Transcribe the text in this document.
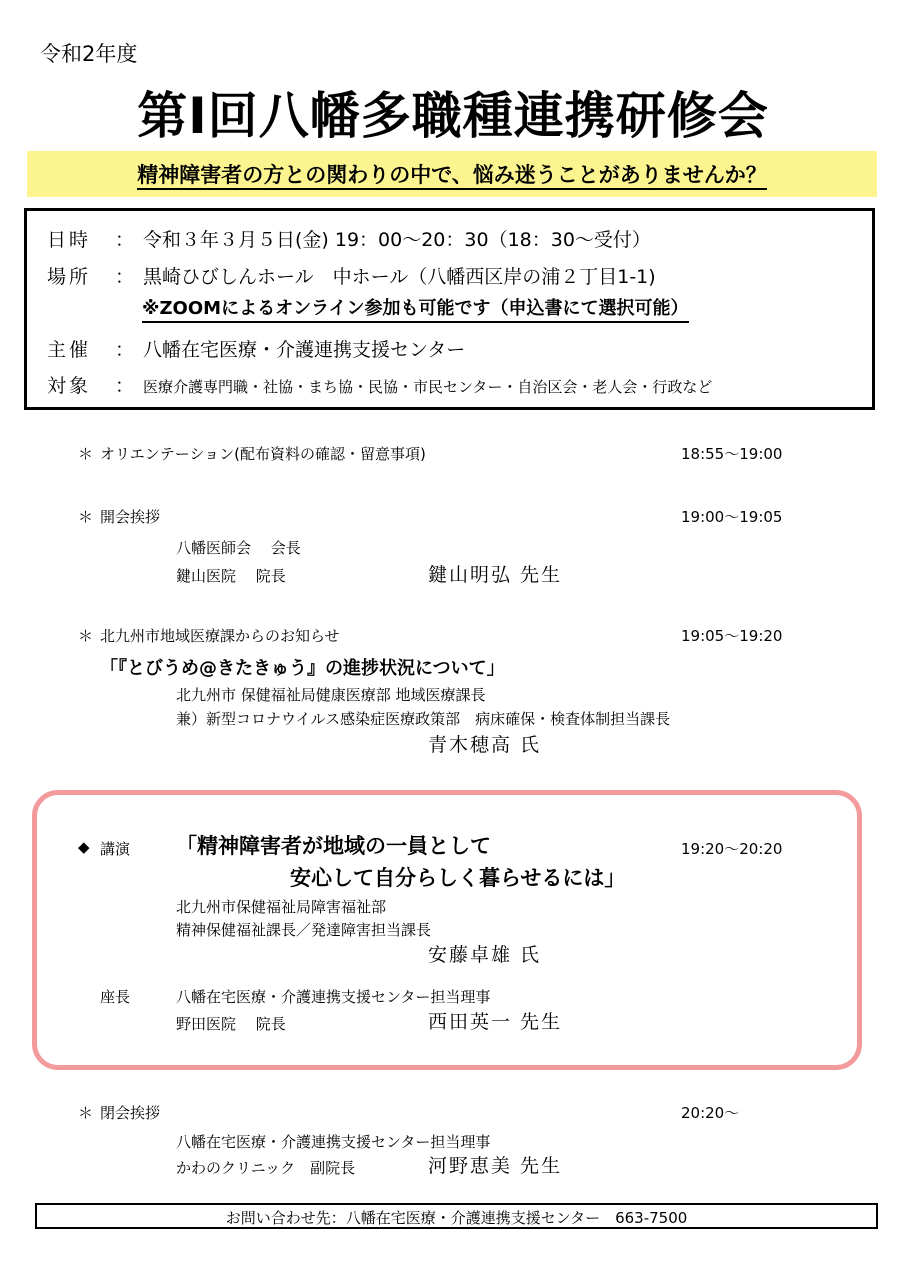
令和2年度
第Ⅰ回八幡多職種連携研修会
精神障害者の方との関わりの中で、悩み迷うことがありませんか？
日時 ： 令和３年３月５日(金) 19：00～20：30（18：30～受付）
場所 ： 黒崎ひびしんホール　中ホール（八幡西区岸の浦２丁目1-1)
※ZOOMによるオンライン参加も可能です（申込書にて選択可能）
主催 ： 八幡在宅医療・介護連携支援センター
対象 ： 医療介護専門職・社協・まち協・民協・市民センター・自治区会・老人会・行政など
＊ オリエンテーション(配布資料の確認・留意事項)	18:55～19:00
＊ 開会挨拶	19:00～19:05
八幡医師会　 会長
鍵山医院　 院長	鍵山明弘 先生
＊ 北九州市地域医療課からのお知らせ	19:05～19:20
「『とびうめ@きたきゅう』の進捗状況について」
北九州市 保健福祉局健康医療部 地域医療課長
兼）新型コロナウイルス感染症医療政策部　病床確保・検査体制担当課長
青木穂高 氏
◆ 講演 「精神障害者が地域の一員として
安心して自分らしく暮らせるには」
19:20～20:20
北九州市保健福祉局障害福祉部
精神保健福祉課長／発達障害担当課長
安藤卓雄 氏
座長	八幡在宅医療・介護連携支援センター担当理事
野田医院　 院長	西田英一 先生
＊ 閉会挨拶	20:20～
八幡在宅医療・介護連携支援センター担当理事
かわのクリニック　副院長	河野恵美 先生
お問い合わせ先：八幡在宅医療・介護連携支援センター　663-7500
